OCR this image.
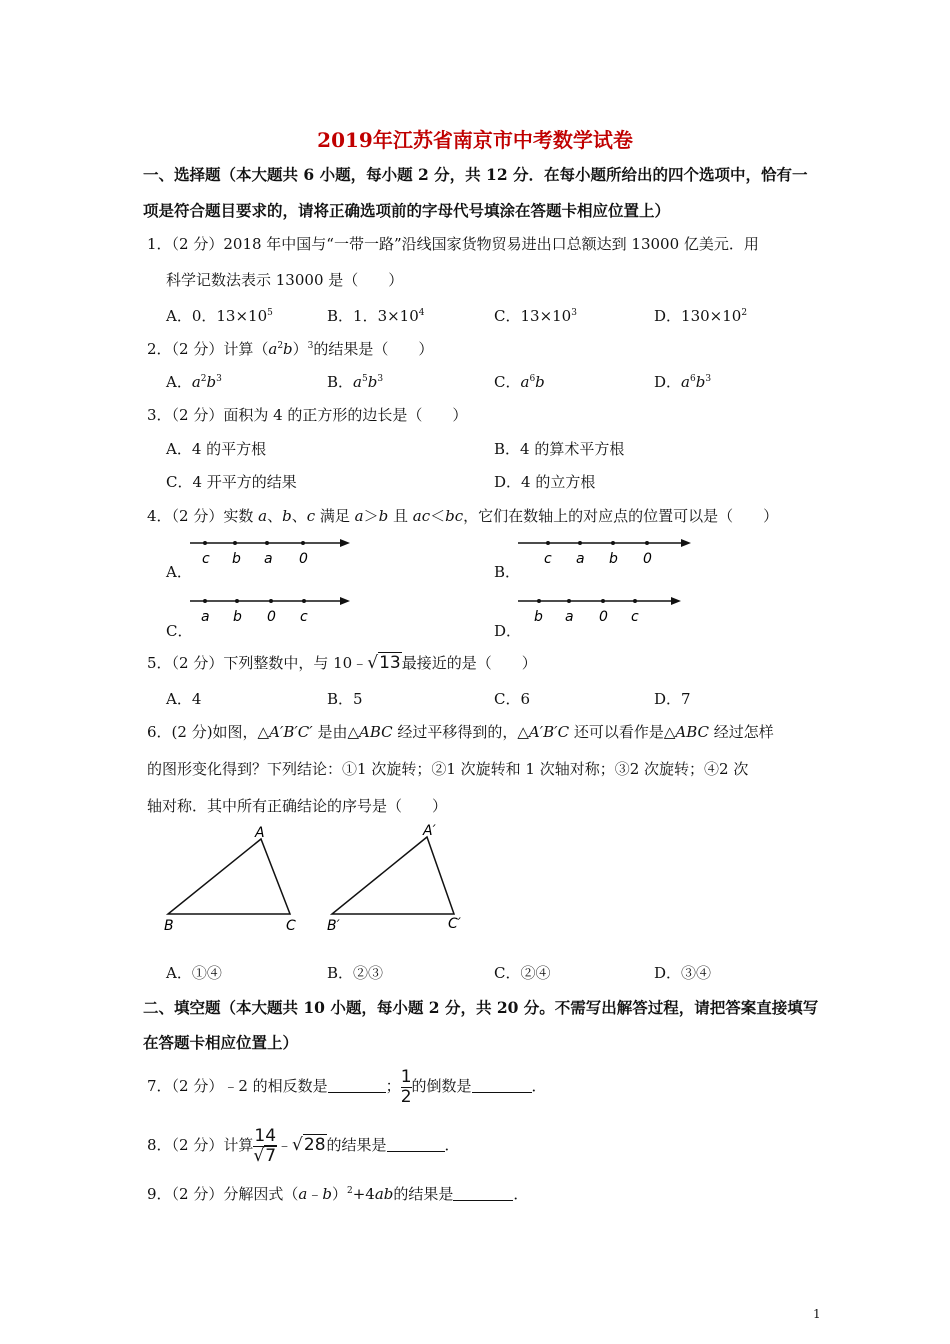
2019年江苏省南京市中考数学试卷
一、选择题（本大题共 6 小题，每小题 2 分，共 12 分．在每小题所给出的四个选项中，恰有一
项是符合题目要求的，请将正确选项前的字母代号填涂在答题卡相应位置上）
1．（2 分）2018 年中国与“一带一路”沿线国家货物贸易进出口总额达到 13000 亿美元．用
科学记数法表示 13000 是（　　）
A．0．$13\times 10^5$	B．1．$3\times 10^4$	C．$13\times 10^3$	D．$130\times 10^2$
2．（2 分）计算$(a^2b)^3$的结果是（　　）
A．$a^2b^3$	B．$a^5b^3$	C．$a^6b$	D．$a^6b^3$
3．（2 分）面积为 4 的正方形的边长是（　　）
A．4 的平方根	B．4 的算术平方根
C．4 开平方的结果	D．4 的立方根
4．（2 分）实数 a、b、c 满足 a＞b 且 ac＜bc，它们在数轴上的对应点的位置可以是（　　）
A．
c b a 0
B．
c a b 0
C．
a b 0 c
D．
b a 0 c
5．（2 分）下列整数中，与 10﹣√13最接近的是（　　）
A．4	B．5	C．6	D．7
6．(2 分)如图，△A′B′C′ 是由△ABC 经过平移得到的，△A′B′C 还可以看作是△ABC 经过怎样
的图形变化得到？下列结论：①1 次旋转；②1 次旋转和 1 次轴对称；③2 次旋转；④2 次
轴对称．其中所有正确结论的序号是（　　）
A
B	C
A′
B′	C′
A．①④	B．②③	C．②④	D．③④
二、填空题（本大题共 10 小题，每小题 2 分，共 20 分。不需写出解答过程，请把答案直接填写
在答题卡相应位置上）
7．（2 分）﹣2 的相反数是	； $\frac{1}{2}$ 的倒数是	．
8．（2 分）计算 $\frac{14}{√7}$ ﹣√28的结果是	．
9．（2 分）分解因式（a﹣b）$^2$+4ab的结果是	．
1
